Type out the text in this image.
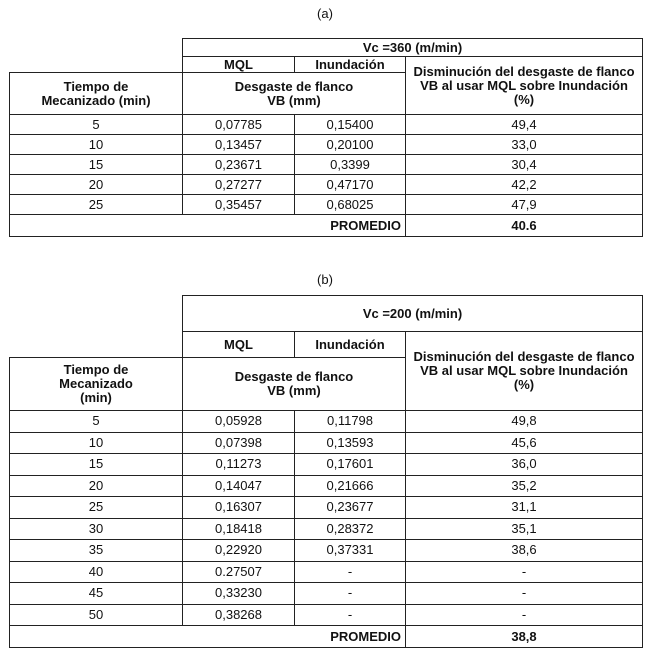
(a)
	Vc =360 (m/min)		
	MQL	Inundación	Disminución del desgaste de flanco VB al usar MQL sobre Inundación (%)
Tiempo de Mecanizado (min)	Desgaste de flanco VB (mm)		
5	0,07785	0,15400	49,4
10	0,13457	0,20100	33,0
15	0,23671	0,3399	30,4
20	0,27277	0,47170	42,2
25	0,35457	0,68025	47,9
PROMEDIO			40.6
(b)
	Vc =200 (m/min)		
	MQL	Inundación	Disminución del desgaste de flanco VB al usar MQL sobre Inundación (%)
Tiempo de Mecanizado (min)	Desgaste de flanco VB (mm)		
5	0,05928	0,11798	49,8
10	0,07398	0,13593	45,6
15	0,11273	0,17601	36,0
20	0,14047	0,21666	35,2
25	0,16307	0,23677	31,1
30	0,18418	0,28372	35,1
35	0,22920	0,37331	38,6
40	0.27507	-	-
45	0,33230	-	-
50	0,38268	-	-
PROMEDIO			38,8
